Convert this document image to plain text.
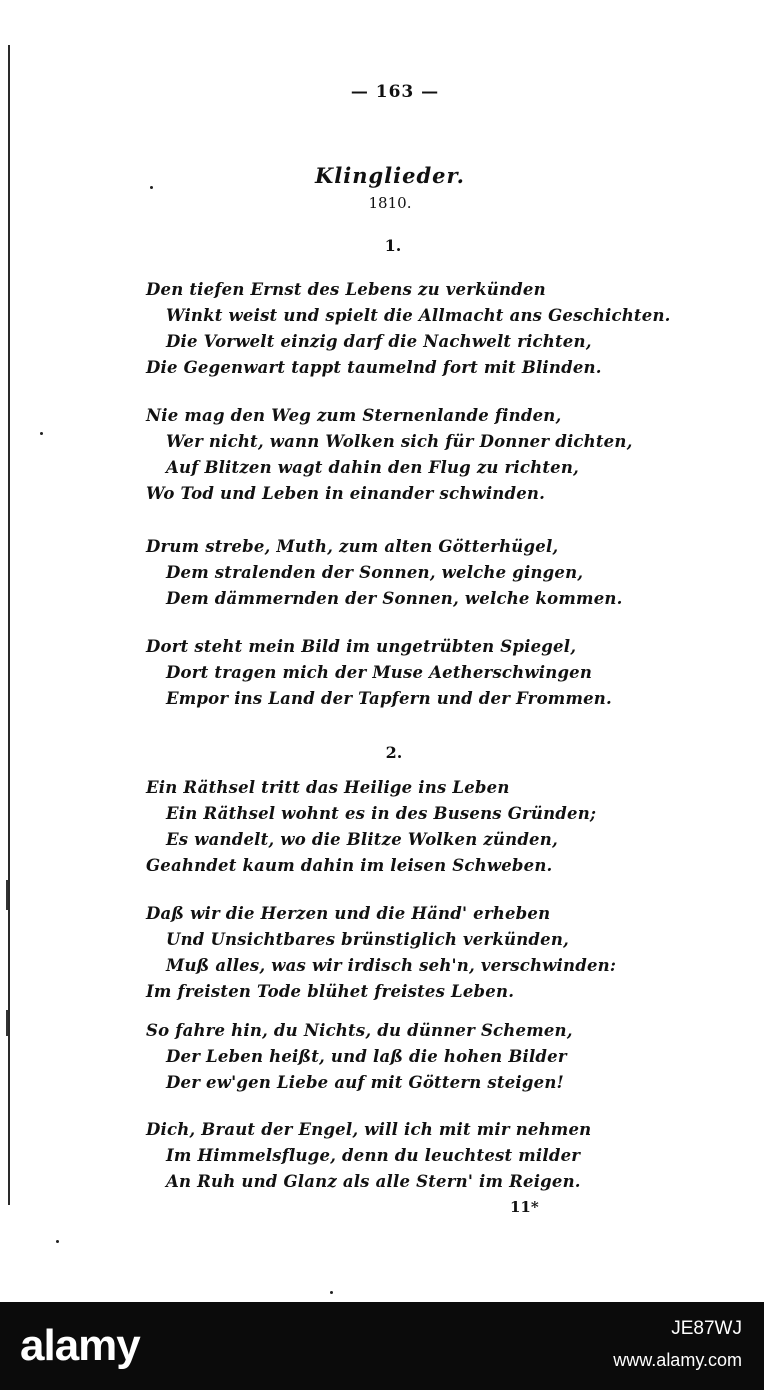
— 163 —
Klinglieder.
1810.
1.
Den tiefen Ernst des Lebens zu verkünden
Winkt weist und spielt die Allmacht ans Geschichten.
Die Vorwelt einzig darf die Nachwelt richten,
Die Gegenwart tappt taumelnd fort mit Blinden.
Nie mag den Weg zum Sternenlande finden,
Wer nicht, wann Wolken sich für Donner dichten,
Auf Blitzen wagt dahin den Flug zu richten,
Wo Tod und Leben in einander schwinden.
Drum strebe, Muth, zum alten Götterhügel,
Dem stralenden der Sonnen, welche gingen,
Dem dämmernden der Sonnen, welche kommen.
Dort steht mein Bild im ungetrübten Spiegel,
Dort tragen mich der Muse Aetherschwingen
Empor ins Land der Tapfern und der Frommen.
2.
Ein Räthsel tritt das Heilige ins Leben
Ein Räthsel wohnt es in des Busens Gründen;
Es wandelt, wo die Blitze Wolken zünden,
Geahndet kaum dahin im leisen Schweben.
Daß wir die Herzen und die Händ' erheben
Und Unsichtbares brünstiglich verkünden,
Muß alles, was wir irdisch seh'n, verschwinden:
Im freisten Tode blühet freistes Leben.
So fahre hin, du Nichts, du dünner Schemen,
Der Leben heißt, und laß die hohen Bilder
Der ew'gen Liebe auf mit Göttern steigen!
Dich, Braut der Engel, will ich mit mir nehmen
Im Himmelsfluge, denn du leuchtest milder
An Ruh und Glanz als alle Stern' im Reigen.
11*
alamy	JE87WJ
www.alamy.com
